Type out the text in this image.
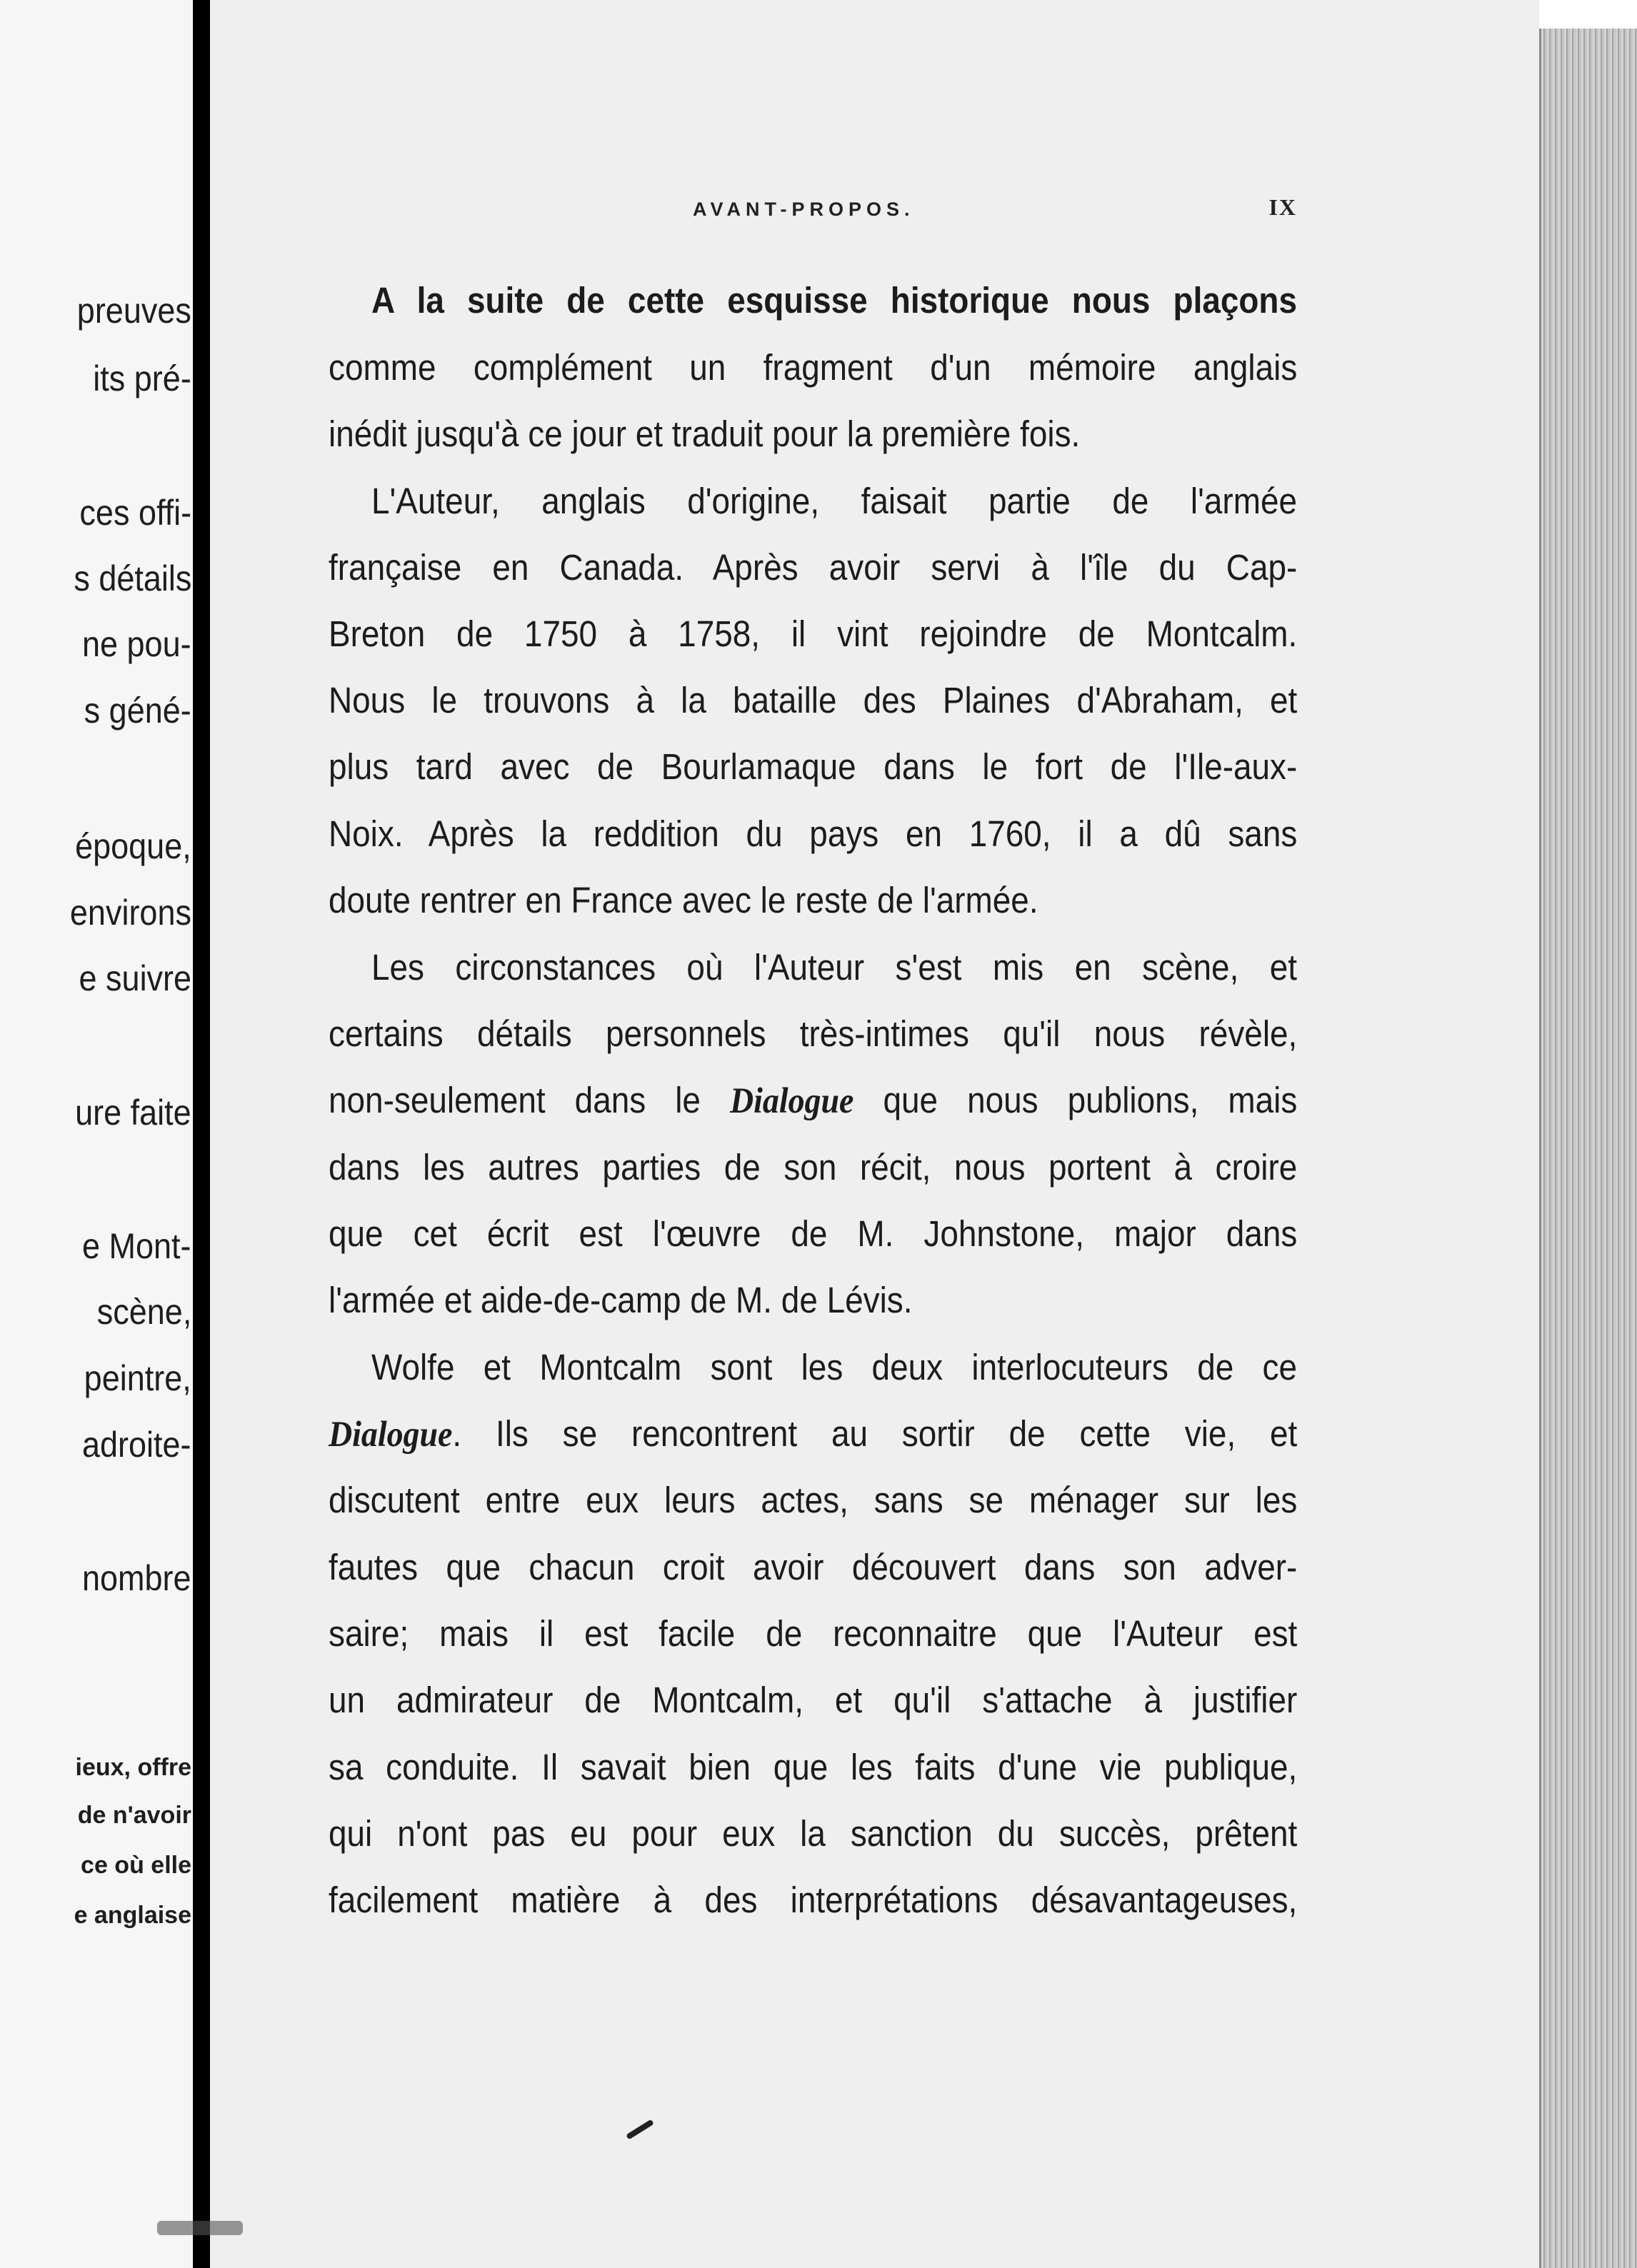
preuves
its pré-
ces offi-
s détails
ne pou-
s géné-
époque,
environs
e suivre
ure faite
e Mont-
scène,
peintre,
adroite-
nombre
ieux, offre
de n'avoir
ce où elle
e anglaise
AVANT-PROPOS.	IX
A la suite de cette esquisse historique nous plaçons
comme complément un fragment d'un mémoire anglais
inédit jusqu'à ce jour et traduit pour la première fois.
L'Auteur, anglais d'origine, faisait partie de l'armée
française en Canada. Après avoir servi à l'île du Cap-
Breton de 1750 à 1758, il vint rejoindre de Montcalm.
Nous le trouvons à la bataille des Plaines d'Abraham, et
plus tard avec de Bourlamaque dans le fort de l'Ile-aux-
Noix. Après la reddition du pays en 1760, il a dû sans
doute rentrer en France avec le reste de l'armée.
Les circonstances où l'Auteur s'est mis en scène, et
certains détails personnels très-intimes qu'il nous révèle,
non-seulement dans le Dialogue que nous publions, mais
dans les autres parties de son récit, nous portent à croire
que cet écrit est l'œuvre de M. Johnstone, major dans
l'armée et aide-de-camp de M. de Lévis.
Wolfe et Montcalm sont les deux interlocuteurs de ce
Dialogue. Ils se rencontrent au sortir de cette vie, et
discutent entre eux leurs actes, sans se ménager sur les
fautes que chacun croit avoir découvert dans son adver-
saire; mais il est facile de reconnaitre que l'Auteur est
un admirateur de Montcalm, et qu'il s'attache à justifier
sa conduite. Il savait bien que les faits d'une vie publique,
qui n'ont pas eu pour eux la sanction du succès, prêtent
facilement matière à des interprétations désavantageuses,
